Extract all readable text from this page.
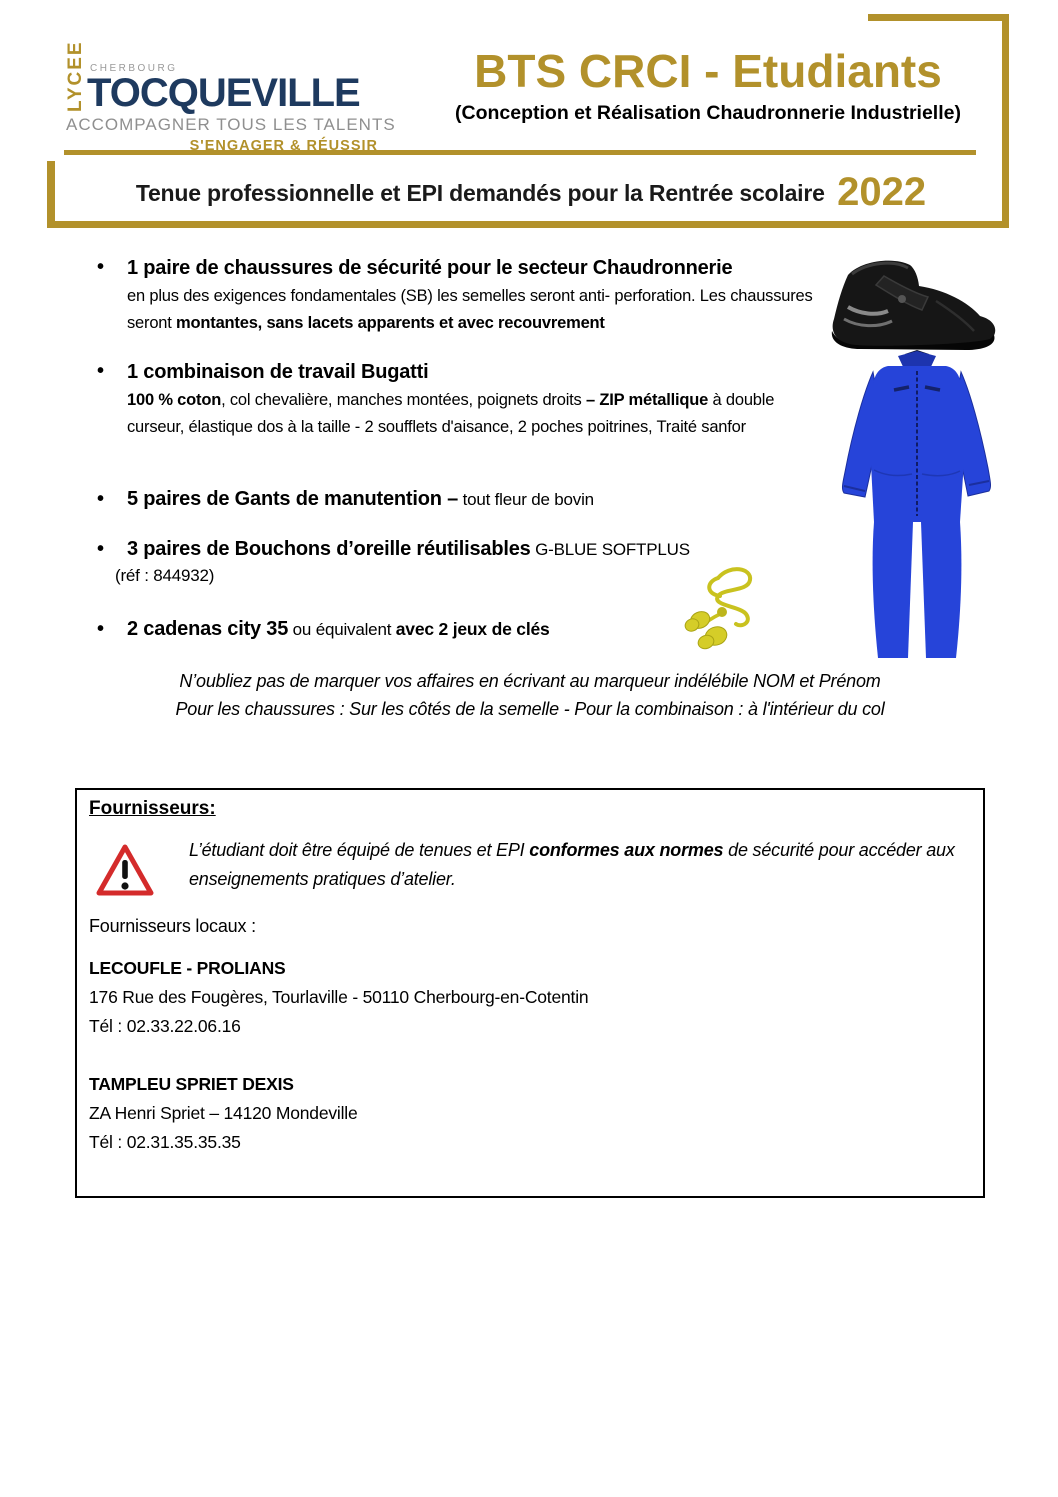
LYCEE CHERBOURG
TOCQUEVILLE
ACCOMPAGNER TOUS LES TALENTS
S'ENGAGER & RÉUSSIR
BTS CRCI - Etudiants
(Conception et Réalisation Chaudronnerie Industrielle)
Tenue professionnelle et EPI demandés pour la Rentrée scolaire 2022
• 1 paire de chaussures de sécurité pour le secteur Chaudronnerie
en plus des exigences fondamentales (SB) les semelles seront anti- perforation. Les chaussures seront montantes, sans lacets apparents et avec recouvrement
• 1 combinaison de travail Bugatti
100 % coton, col chevalière, manches montées, poignets droits – ZIP métallique à double curseur, élastique dos à la taille - 2 soufflets d'aisance, 2 poches poitrines, Traité sanfor
• 5 paires de Gants de manutention – tout fleur de bovin
• 3 paires de Bouchons d’oreille réutilisables G-BLUE SOFTPLUS
(réf : 844932)
• 2 cadenas city 35 ou équivalent avec 2 jeux de clés
N’oubliez pas de marquer vos affaires en écrivant au marqueur indélébile NOM et Prénom
Pour les chaussures : Sur les côtés de la semelle - Pour la combinaison : à l'intérieur du col
Fournisseurs:
L’étudiant doit être équipé de tenues et EPI conformes aux normes de sécurité pour accéder aux enseignements pratiques d’atelier.
Fournisseurs locaux :
LECOUFLE - PROLIANS
176 Rue des Fougères, Tourlaville - 50110 Cherbourg-en-Cotentin
Tél : 02.33.22.06.16
TAMPLEU SPRIET DEXIS
ZA Henri Spriet – 14120 Mondeville
Tél : 02.31.35.35.35
